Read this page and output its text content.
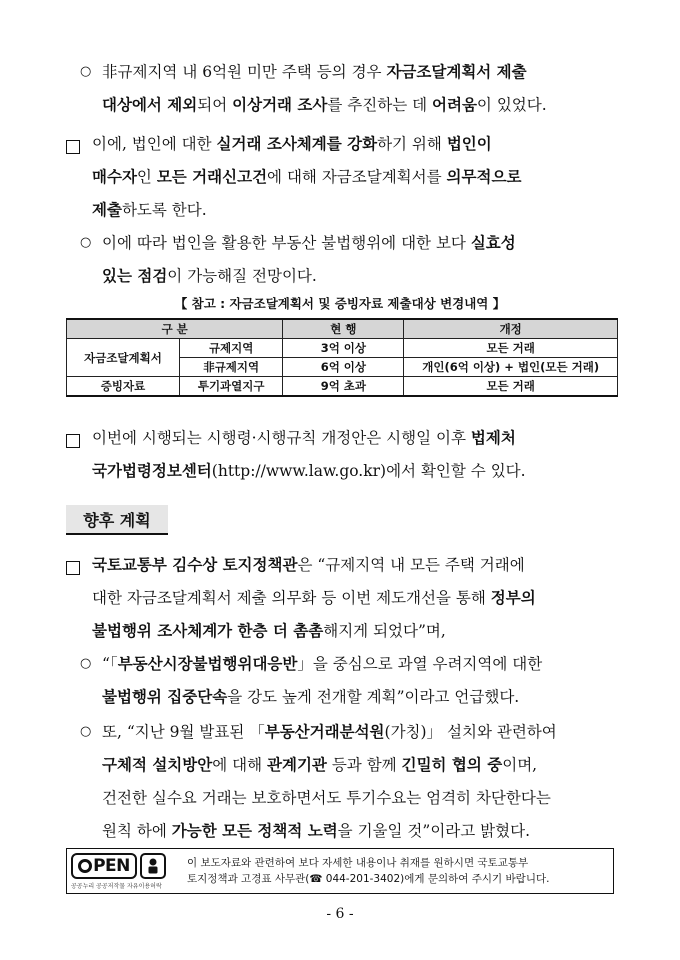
○ 非규제지역 내 6억원 미만 주택 등의 경우 자금조달계획서 제출
대상에서 제외되어 이상거래 조사를 추진하는 데 어려움이 있었다.
이에, 법인에 대한 실거래 조사체계를 강화하기 위해 법인이
매수자인 모든 거래신고건에 대해 자금조달계획서를 의무적으로
제출하도록 한다.
○ 이에 따라 법인을 활용한 부동산 불법행위에 대한 보다 실효성
있는 점검이 가능해질 전망이다.
【 참고 : 자금조달계획서 및 증빙자료 제출대상 변경내역 】
구 분		현 행	개정
자금조달계획서	규제지역	3억 이상	모든 거래
	非규제지역	6억 이상	개인(6억 이상) + 법인(모든 거래)
증빙자료	투기과열지구	9억 초과	모든 거래
이번에 시행되는 시행령·시행규칙 개정안은 시행일 이후 법제처
국가법령정보센터(http://www.law.go.kr)에서 확인할 수 있다.
향후 계획
국토교통부 김수상 토지정책관은 “규제지역 내 모든 주택 거래에
대한 자금조달계획서 제출 의무화 등 이번 제도개선을 통해 정부의
불법행위 조사체계가 한층 더 촘촘해지게 되었다”며,
○ “「부동산시장불법행위대응반」을 중심으로 과열 우려지역에 대한
불법행위 집중단속을 강도 높게 전개할 계획”이라고 언급했다.
○ 또, “지난 9월 발표된 「부동산거래분석원(가칭)」 설치와 관련하여
구체적 설치방안에 대해 관계기관 등과 함께 긴밀히 협의 중이며,
건전한 실수요 거래는 보호하면서도 투기수요는 엄격히 차단한다는
원칙 하에 가능한 모든 정책적 노력을 기울일 것”이라고 밝혔다.
PEN
공공누리 공공저작물 자유이용허락
이 보도자료와 관련하여 보다 자세한 내용이나 취재를 원하시면 국토교통부
토지정책과 고경표 사무관(☎ 044-201-3402)에게 문의하여 주시기 바랍니다.
- 6 -
